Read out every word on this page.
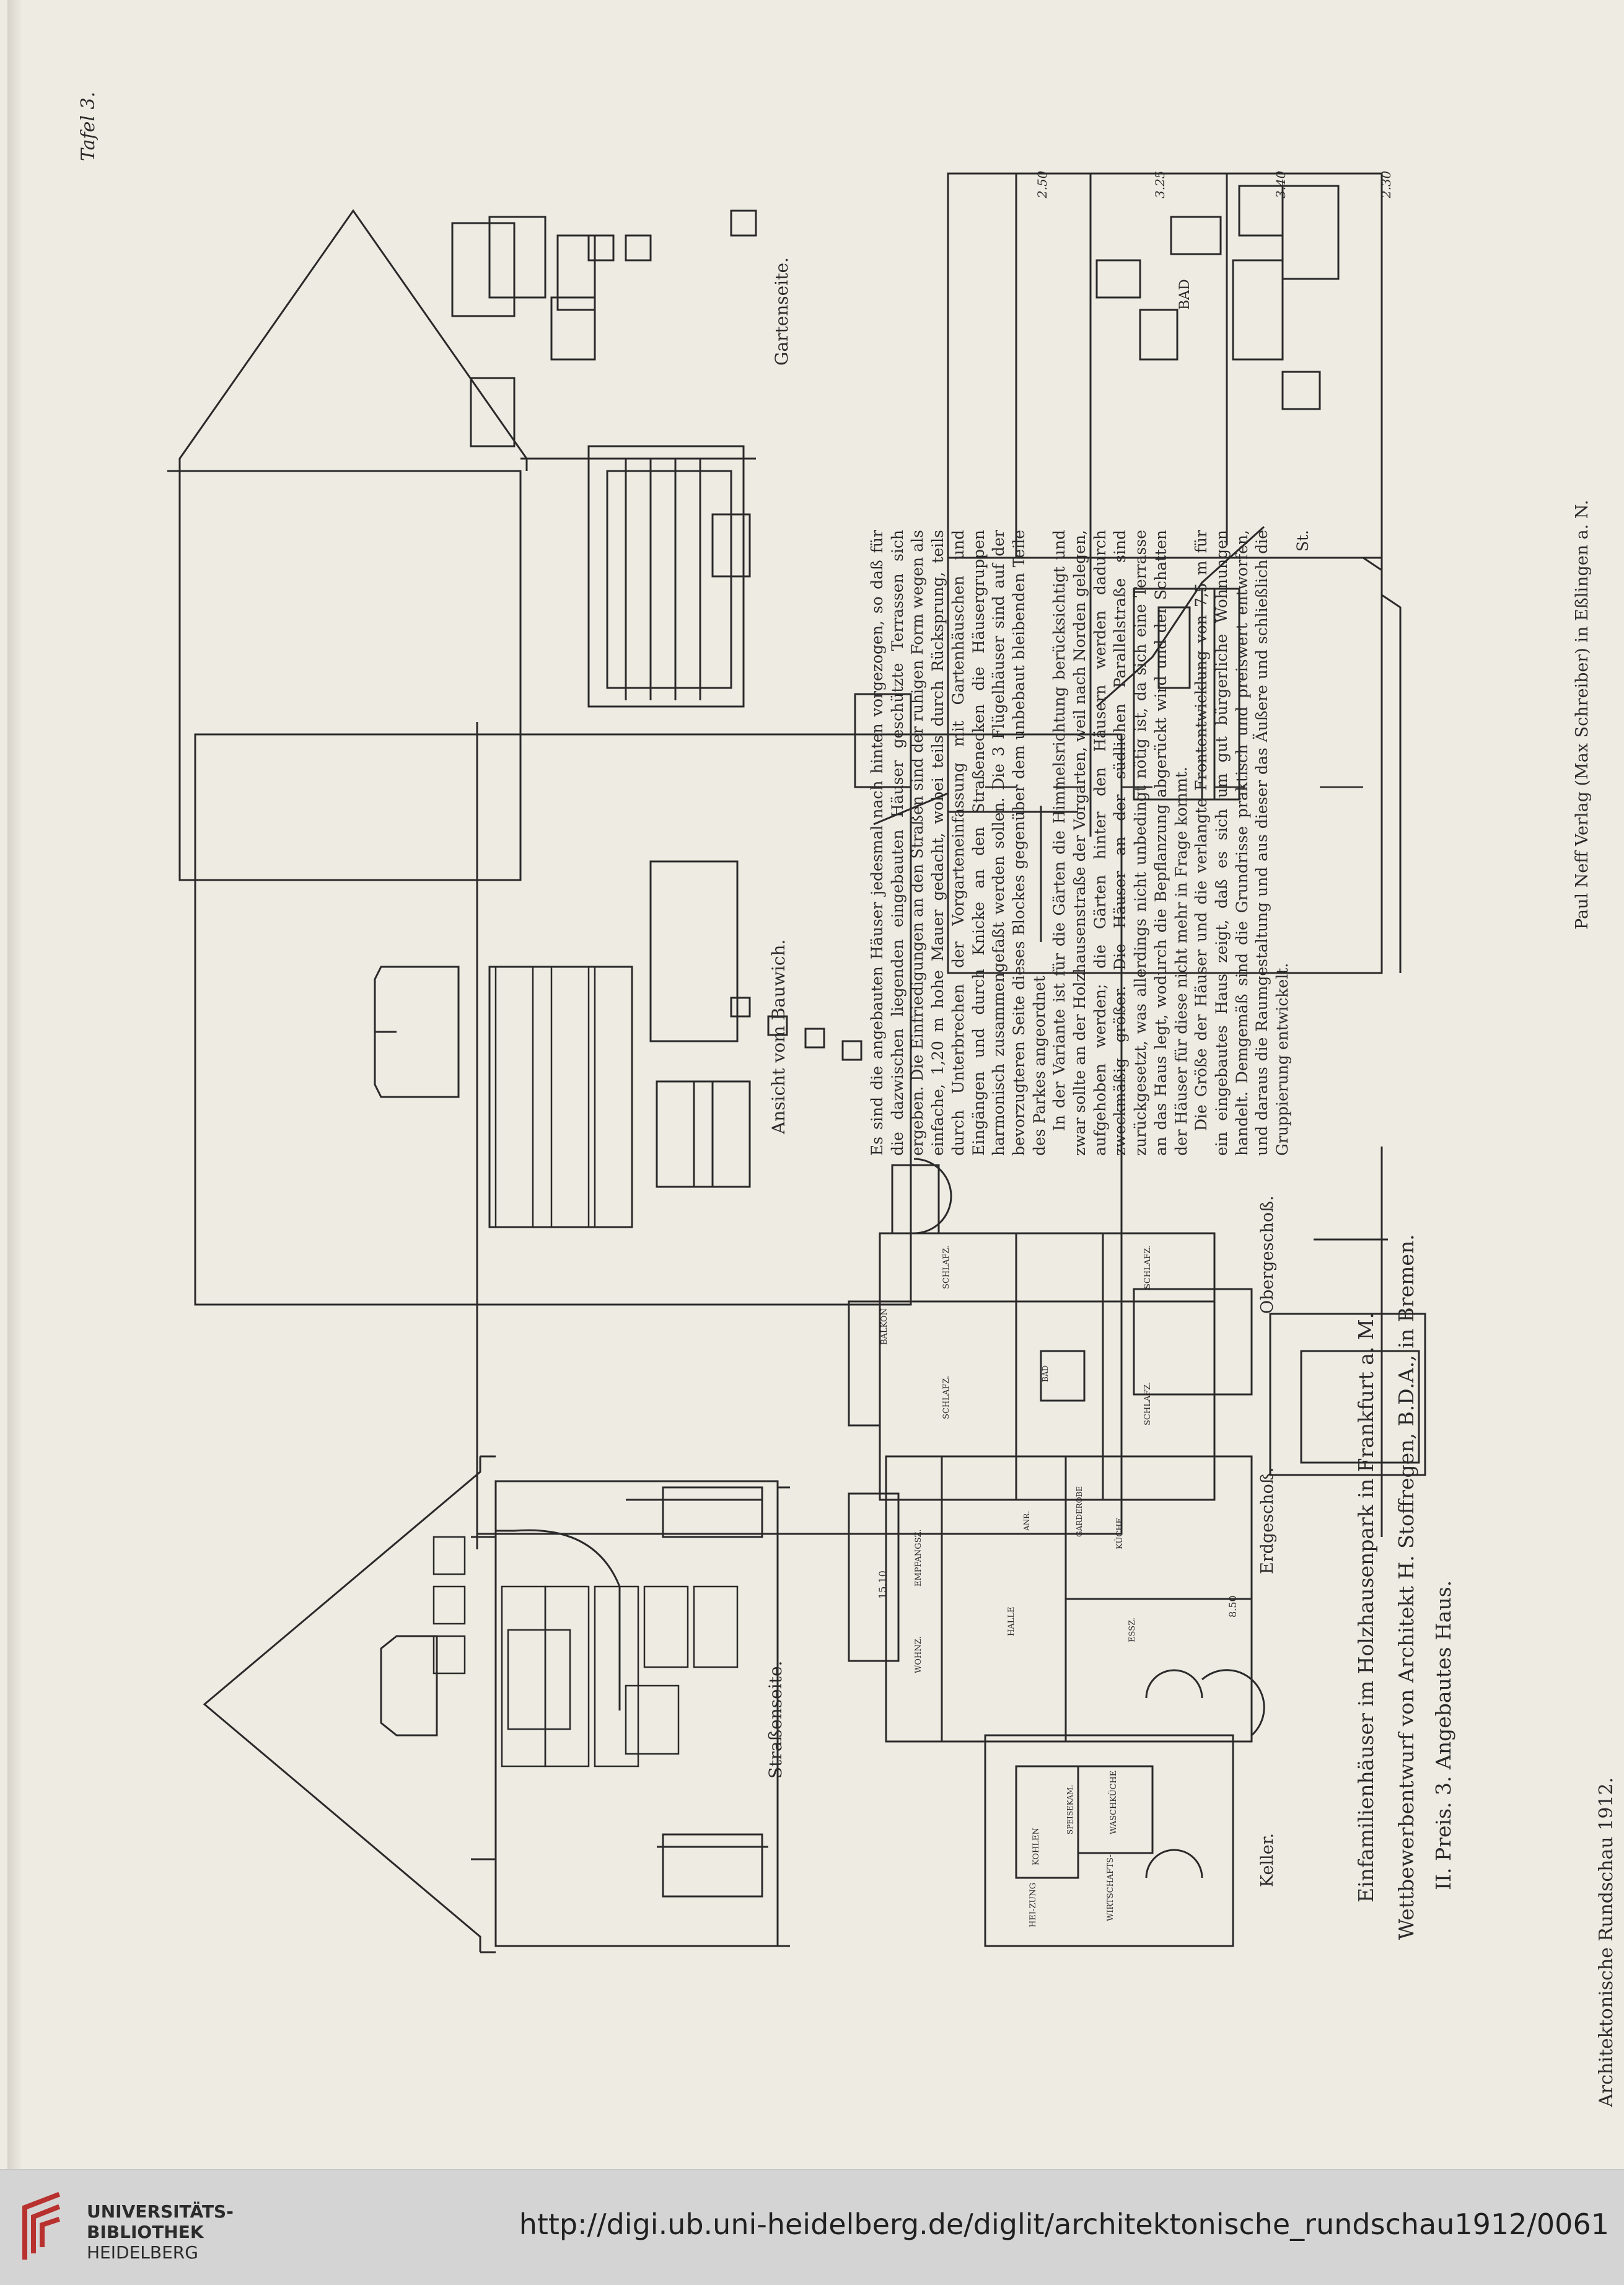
Tafel 3.
Architektonische Rundschau 1912.
Paul Neff Verlag (Max Schreiber) in Eßlingen a. N.
Gartenseite.
Ansicht vom Bauwich.
Straßenseite.
Keller.
Erdgeschoß.
Obergeschoß.
8.50
15.10
BAD
2.50	3.25	3.40	2.30
KOHLEN
HEI-ZUNG
WASCHKÜCHE
WIRTSCHAFTS-
SPEISEKAM.
EMPFANGSZ.
WOHNZ.
HALLE	ESSZ.
KÜCHE
ANR.	GARDEROBE
BALKON
SCHLAFZ.
SCHLAFZ.
SCHLAFZ.
SCHLAFZ.
BAD	Einfamilienhäuser im Holzhausenpark in Frankfurt a. M. Wettbewerbentwurf von Architekt H. Stoffregen, B.D.A., in Bremen. II. Preis. 3. Angebautes Haus.

Es sind die angebauten Häuser jedesmal nach hinten vorgezogen, so daß für die dazwischen liegenden eingebauten Häuser geschützte Terrassen sich ergeben. Die Einfriedigungen an den Straßen sind der ruhigen Form wegen als einfache, 1,20 m hohe Mauer gedacht, wobei teils durch Rücksprung, teils durch Unterbrechen der Vorgarteneinfassung mit Gartenhäuschen und Eingängen und durch Knicke an den Straßenecken die Häusergruppen harmonisch zusammengefaßt werden sollen. Die 3 Flügelhäuser sind auf der bevorzugteren Seite dieses Blockes gegenüber dem unbebaut bleibenden Teile des Parkes angeordnet. In der Variante ist für die Gärten die Himmelsrichtung berücksichtigt und zwar sollte an der Holzhausenstraße der Vorgarten, weil nach Norden gelegen, aufgehoben werden; die Gärten hinter den Häusern werden dadurch zweckmäßig größer. Die Häuser an der südlichen Parallelstraße sind zurückgesetzt, was allerdings nicht unbedingt nötig ist, da sich eine Terrasse an das Haus legt, wodurch die Bepflanzung abgerückt wird und der Schatten der Häuser für diese nicht mehr in Frage kommt. Die Größe der Häuser und die verlangte Frontentwicklung von 7,5 m für ein eingebautes Haus zeigt, daß es sich um gut bürgerliche Wohnungen handelt. Demgemäß sind die Grundrisse praktisch und preiswert entworfen, und daraus die Raumgestaltung und aus dieser das Äußere und schließlich die Gruppierung entwickelt.

St.
UNIVERSITÄTS-
BIBLIOTHEK
HEIDELBERG
http://digi.ub.uni-heidelberg.de/diglit/architektonische_rundschau1912/0061
